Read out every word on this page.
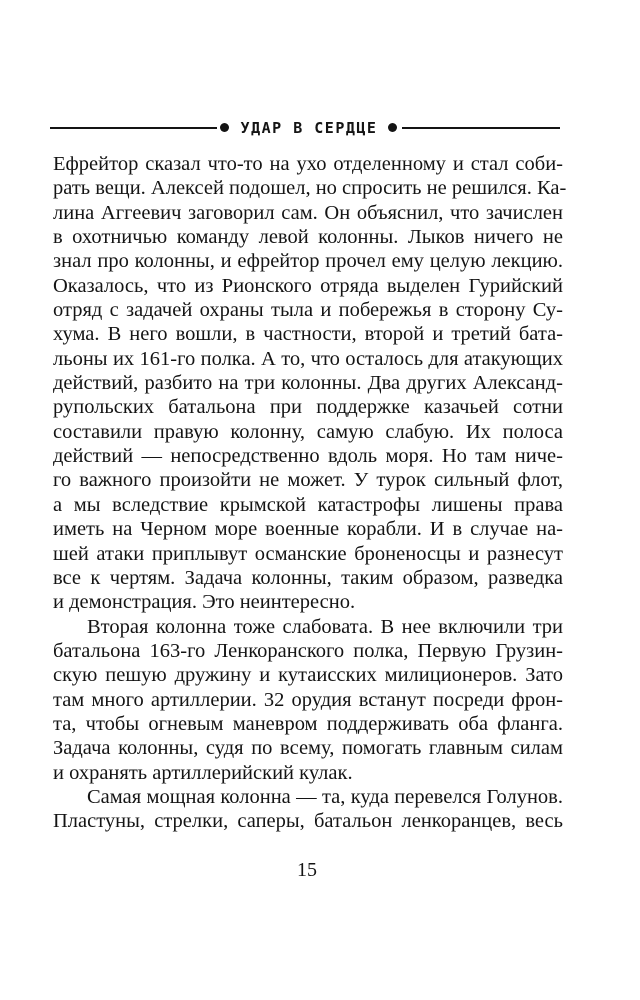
УДАР В СЕРДЦЕ
Ефрейтор сказал что-то на ухо отделенному и стал соби-
рать вещи. Алексей подошел, но спросить не решился. Ка-
лина Аггеевич заговорил сам. Он объяснил, что зачислен
в охотничью команду левой колонны. Лыков ничего не
знал про колонны, и ефрейтор прочел ему целую лекцию.
Оказалось, что из Рионского отряда выделен Гурийский
отряд с задачей охраны тыла и побережья в сторону Су-
хума. В него вошли, в частности, второй и третий бата-
льоны их 161-го полка. А то, что осталось для атакующих
действий, разбито на три колонны. Два других Александ-
рупольских батальона при поддержке казачьей сотни
составили правую колонну, самую слабую. Их полоса
действий — непосредственно вдоль моря. Но там ниче-
го важного произойти не может. У турок сильный флот,
а мы вследствие крымской катастрофы лишены права
иметь на Черном море военные корабли. И в случае на-
шей атаки приплывут османские броненосцы и разнесут
все к чертям. Задача колонны, таким образом, разведка
и демонстрация. Это неинтересно.
Вторая колонна тоже слабовата. В нее включили три
батальона 163-го Ленкоранского полка, Первую Грузин-
скую пешую дружину и кутаисских милиционеров. Зато
там много артиллерии. 32 орудия встанут посреди фрон-
та, чтобы огневым маневром поддерживать оба фланга.
Задача колонны, судя по всему, помогать главным силам
и охранять артиллерийский кулак.
Самая мощная колонна — та, куда перевелся Голунов.
Пластуны, стрелки, саперы, батальон ленкоранцев, весь
15
